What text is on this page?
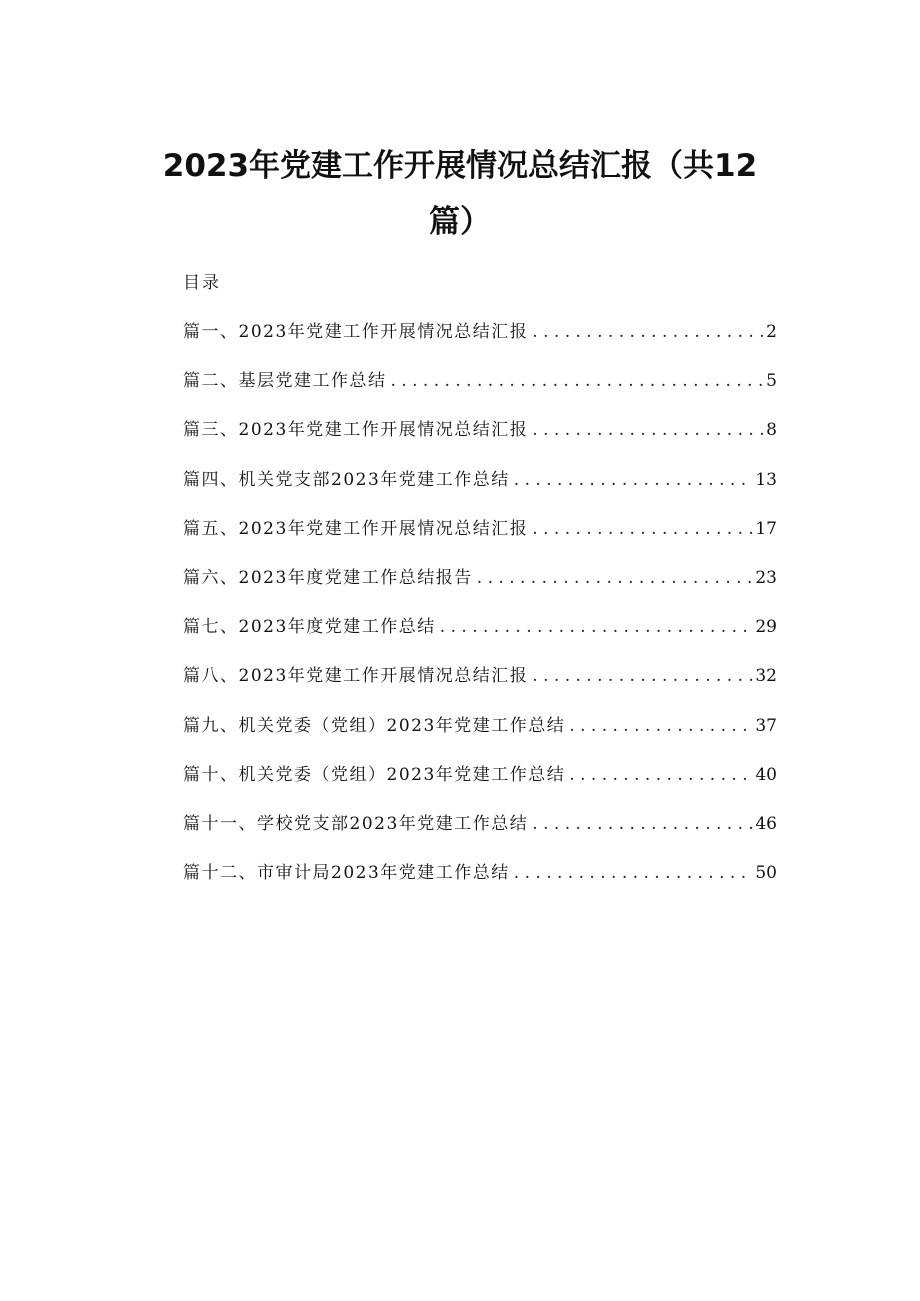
2023年党建工作开展情况总结汇报（共12篇）
目录
篇一、2023年党建工作开展情况总结汇报 . . .	2
篇二、基层党建工作总结 . . .	5
篇三、2023年党建工作开展情况总结汇报 . . .	8
篇四、机关党支部2023年党建工作总结 . . .	13
篇五、2023年党建工作开展情况总结汇报 . . .	17
篇六、2023年度党建工作总结报告 . . .	23
篇七、2023年度党建工作总结 . . .	29
篇八、2023年党建工作开展情况总结汇报 . . .	32
篇九、机关党委（党组）2023年党建工作总结 . . .	37
篇十、机关党委（党组）2023年党建工作总结 . . .	40
篇十一、学校党支部2023年党建工作总结 . . .	46
篇十二、市审计局2023年党建工作总结 . . .	50
